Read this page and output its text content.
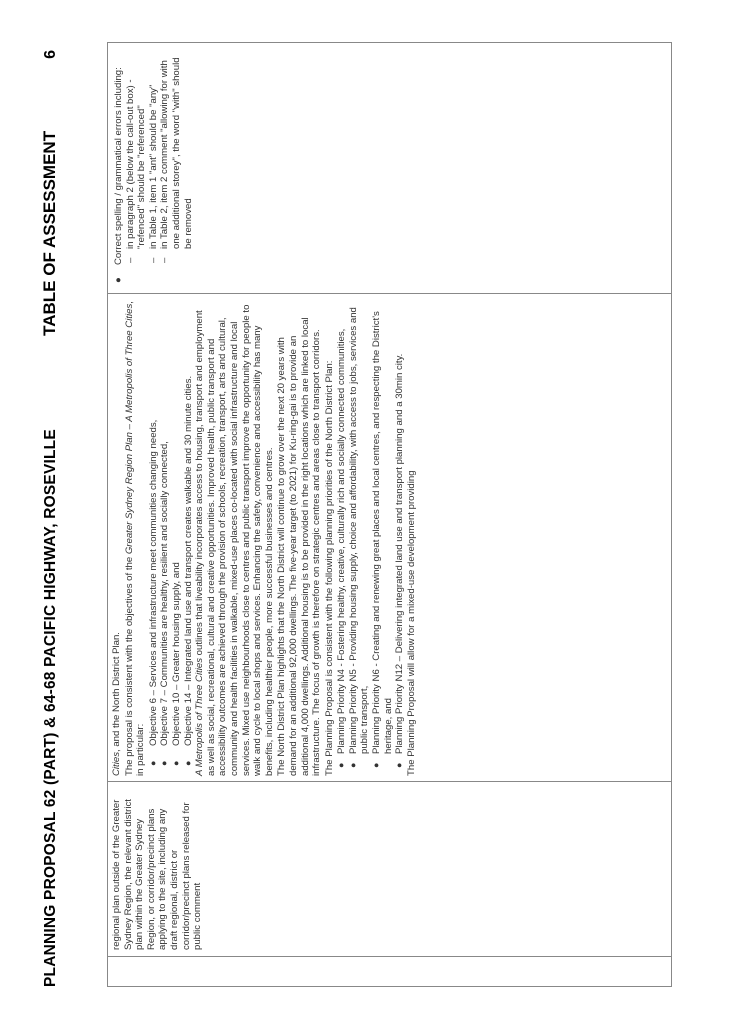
PLANNING PROPOSAL 62 (PART) & 64-68 PACIFIC HIGHWAY, ROSEVILLE
TABLE OF ASSESSMENT6

regional plan outside of the Greater Sydney Region, the relevant district plan within the Greater Sydney Region, or corridor/precinct plans applying to the site, including any draft regional, district or corridor/precinct plans released for public comment

Cities, and the North District Plan. The proposal is consistent with the objectives of the Greater Sydney Region Plan – A Metropolis of Three Cities, in particular: ●
Objective 6 – Services and infrastructure meet communities changing needs,
●
Objective 7 – Communities are healthy, resilient and socially connected,
●
Objective 10 – Greater housing supply, and
●
Objective 14 – Integrated land use and transport creates walkable and 30 minute cities. A Metropolis of Three Cities outlines that liveability incorporates access to housing, transport and employment as well as social, recreational, cultural and creative opportunities. Improved health, public transport and accessibility outcomes are achieved through the provision of schools, recreation, transport, arts and cultural, community and health facilities in walkable, mixed-use places co-located with social infrastructure and local services. Mixed use neighbourhoods close to centres and public transport improve the opportunity for people to walk and cycle to local shops and services. Enhancing the safety, convenience and accessibility has many benefits, including healthier people, more successful businesses and centres. The North District Plan highlights that the North District will continue to grow over the next 20 years with demand for an additional 92,000 dwellings. The five-year target (to 2021) for Ku-ring-gai is to provide an additional 4,000 dwellings. Additional housing is to be provided in the right locations which are linked to local infrastructure. The focus of growth is therefore on strategic centres and areas close to transport corridors. The Planning Proposal is consistent with the following planning priorities of the North District Plan: ●
Planning Priority N4 - Fostering healthy, creative, culturally rich and socially connected communities,
●
Planning Priority N5 - Providing housing supply, choice and affordability, with access to jobs, services and public transport,
●
Planning Priority N6 - Creating and renewing great places and local centres, and respecting the District's heritage, and
●
Planning Priority N12 – Delivering integrated land use and transport planning and a 30min city. The Planning Proposal will allow for a mixed-use development providing

●
Correct spelling / grammatical errors including: –
in paragraph 2 (below the call-out box) - "refenced" should be "referenced"
–
in Table 1, item 1 "ant" should be "any"
–
in Table 2, item 2 comment "allowing for with one additional storey", the word "with" should be removed
